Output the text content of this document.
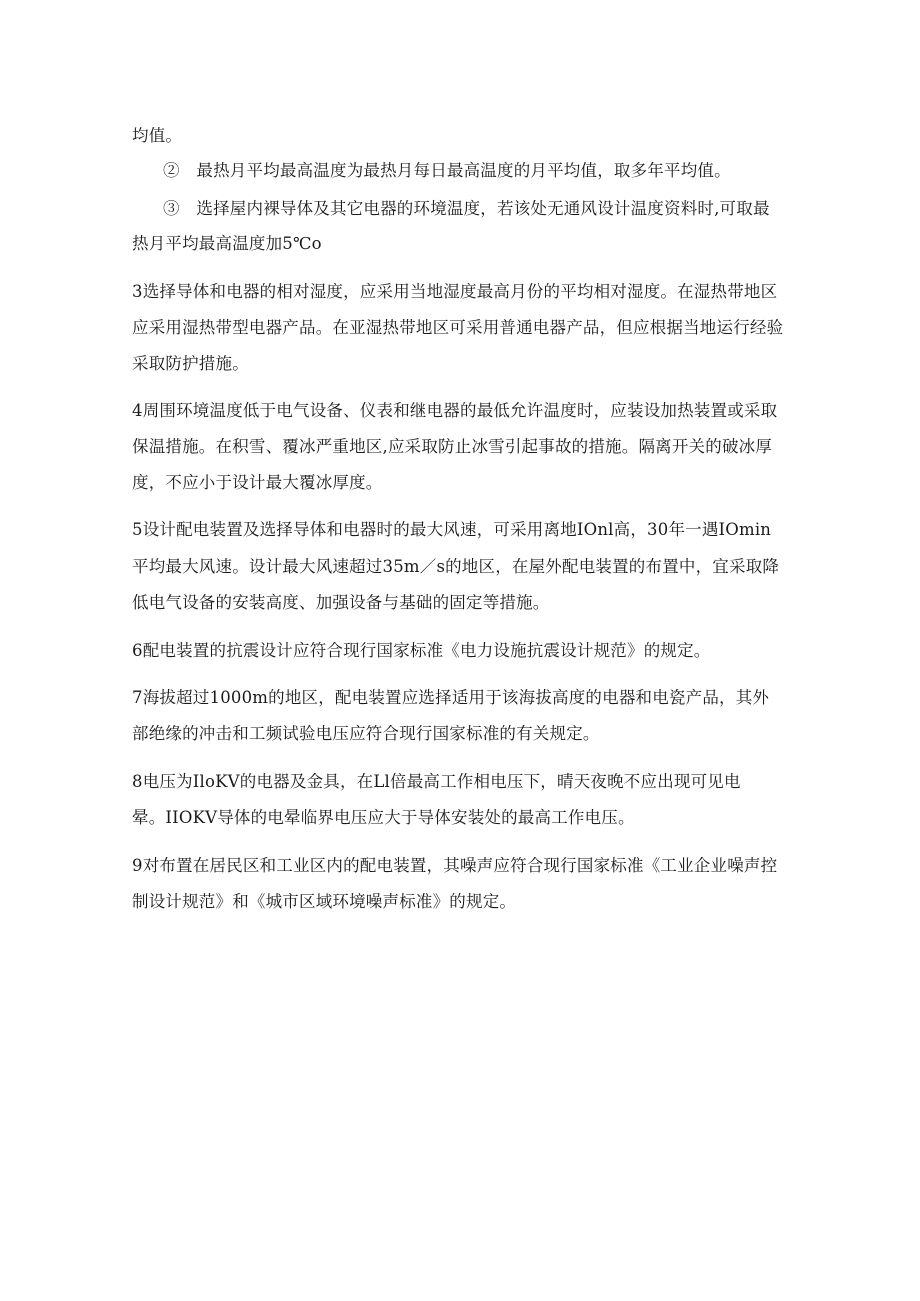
均值。
②　最热月平均最高温度为最热月每日最高温度的月平均值，取多年平均值。
③　选择屋内裸导体及其它电器的环境温度，若该处无通风设计温度资料时,可取最
热月平均最高温度加5℃o
3选择导体和电器的相对湿度，应采用当地湿度最高月份的平均相对湿度。在湿热带地区
应采用湿热带型电器产品。在亚湿热带地区可采用普通电器产品，但应根据当地运行经验
采取防护措施。
4周围环境温度低于电气设备、仪表和继电器的最低允许温度时，应装设加热装置或采取
保温措施。在积雪、覆冰严重地区,应采取防止冰雪引起事故的措施。隔离开关的破冰厚
度，不应小于设计最大覆冰厚度。
5设计配电装置及选择导体和电器时的最大风速，可采用离地IOnl高，30年一遇IOmin
平均最大风速。设计最大风速超过35m／s的地区，在屋外配电装置的布置中，宜采取降
低电气设备的安装高度、加强设备与基础的固定等措施。
6配电装置的抗震设计应符合现行国家标准《电力设施抗震设计规范》的规定。
7海拔超过1000m的地区，配电装置应选择适用于该海拔高度的电器和电瓷产品，其外
部绝缘的冲击和工频试验电压应符合现行国家标准的有关规定。
8电压为IloKV的电器及金具，在Ll倍最高工作相电压下，晴天夜晚不应出现可见电
晕。IIOKV导体的电晕临界电压应大于导体安装处的最高工作电压。
9对布置在居民区和工业区内的配电装置，其噪声应符合现行国家标准《工业企业噪声控
制设计规范》和《城市区域环境噪声标准》的规定。
